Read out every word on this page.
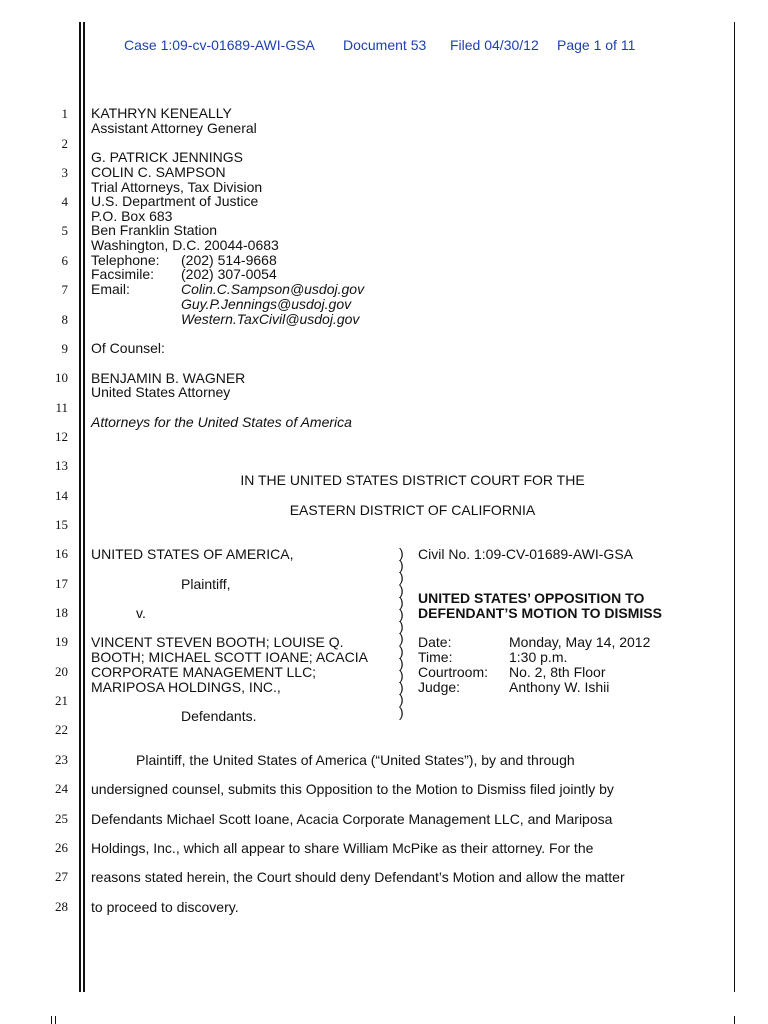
Case 1:09-cv-01689-AWI-GSA Document 53 Filed 04/30/12 Page 1 of 11
1
2
3
4
5
6
7
8
9
10
11
12
13
14
15
16
17
18
19
20
21
22
23
24
25
26
27
28
KATHRYN KENEALLY
Assistant Attorney General
G. PATRICK JENNINGS
COLIN C. SAMPSON
Trial Attorneys, Tax Division
U.S. Department of Justice
P.O. Box 683
Ben Franklin Station
Washington, D.C. 20044-0683
Telephone: (202) 514-9668
Facsimile: (202) 307-0054
Email:	Colin.C.Sampson@usdoj.gov
Guy.P.Jennings@usdoj.gov
Western.TaxCivil@usdoj.gov
Of Counsel:
BENJAMIN B. WAGNER
United States Attorney
Attorneys for the United States of America
IN THE UNITED STATES DISTRICT COURT FOR THE
EASTERN DISTRICT OF CALIFORNIA
UNITED STATES OF AMERICA,
Plaintiff,
v.
VINCENT STEVEN BOOTH; LOUISE Q.
BOOTH; MICHAEL SCOTT IOANE; ACACIA
CORPORATE MANAGEMENT LLC;
MARIPOSA HOLDINGS, INC.,
Defendants.
)
)
)
)
)
)
)
)
)
)
)
)
)
)
Civil No. 1:09-CV-01689-AWI-GSA
UNITED STATES’ OPPOSITION TO
DEFENDANT’S MOTION TO DISMISS
Date:	Monday, May 14, 2012
Time:	1:30 p.m.
Courtroom: No. 2, 8th Floor
Judge:	Anthony W. Ishii
Plaintiff, the United States of America (“United States”), by and through
undersigned counsel, submits this Opposition to the Motion to Dismiss filed jointly by
Defendants Michael Scott Ioane, Acacia Corporate Management LLC, and Mariposa
Holdings, Inc., which all appear to share William McPike as their attorney. For the
reasons stated herein, the Court should deny Defendant’s Motion and allow the matter
to proceed to discovery.
